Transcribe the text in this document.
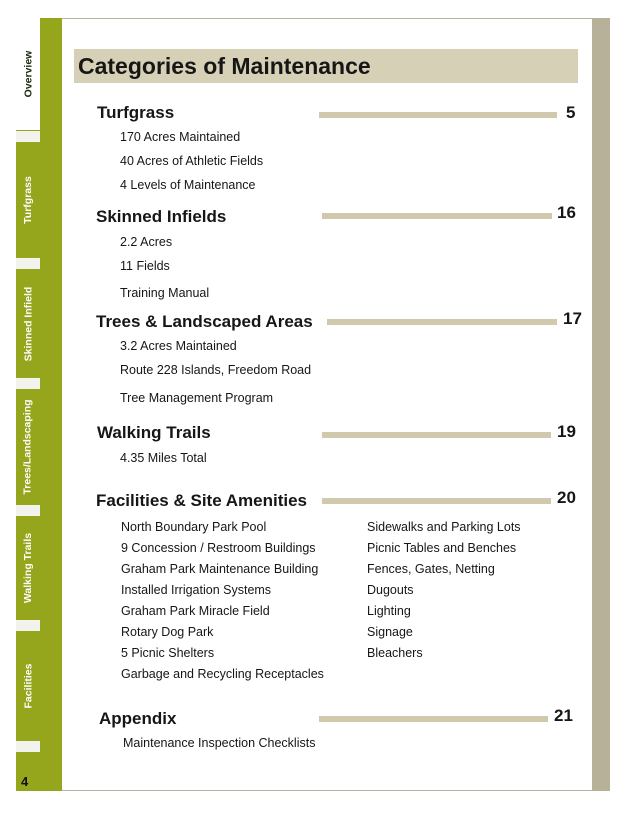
Overview
Turfgrass
Skinned Infield
Trees/Landscaping
Walking Trails
Facilities
4
Categories of Maintenance
Turfgrass	5
170 Acres Maintained
40 Acres of Athletic Fields
4 Levels of Maintenance
Skinned Infields	16
2.2 Acres
11 Fields
Training Manual
Trees & Landscaped Areas	17
3.2 Acres Maintained
Route 228 Islands, Freedom Road
Tree Management Program
Walking Trails	19
4.35 Miles Total
Facilities & Site Amenities	20
North Boundary Park Pool
9 Concession / Restroom Buildings
Graham Park Maintenance Building
Installed Irrigation Systems
Graham Park Miracle Field
Rotary Dog Park
5 Picnic Shelters
Garbage and Recycling Receptacles
Sidewalks and Parking Lots
Picnic Tables and Benches
Fences, Gates, Netting
Dugouts
Lighting
Signage
Bleachers
Appendix	21
Maintenance Inspection Checklists
